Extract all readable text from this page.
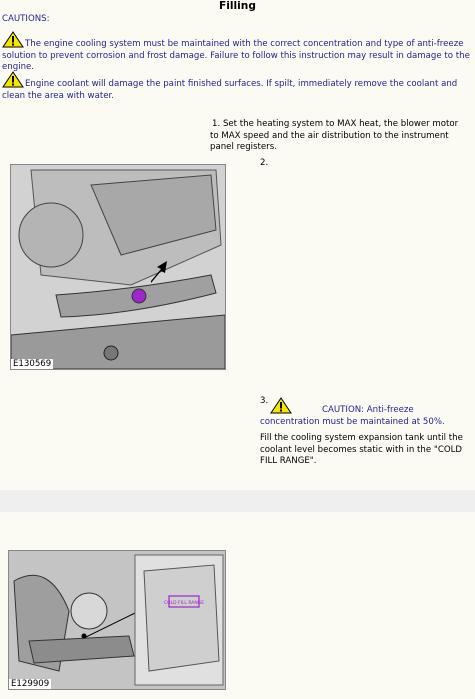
Filling
CAUTIONS:
The engine cooling system must be maintained with the correct concentration and type of anti-freeze solution to prevent corrosion and frost damage. Failure to follow this instruction may result in damage to the engine.
Engine coolant will damage the paint finished surfaces. If spilt, immediately remove the coolant and clean the area with water.
1. Set the heating system to MAX heat, the blower motor to MAX speed and the air distribution to the instrument panel registers.
2.
E130569
3.
CAUTION: Anti-freeze concentration must be maintained at 50%.
Fill the cooling system expansion tank until the coolant level becomes static with in the "COLD FILL RANGE".
COLD FILL RANGE
E129909
